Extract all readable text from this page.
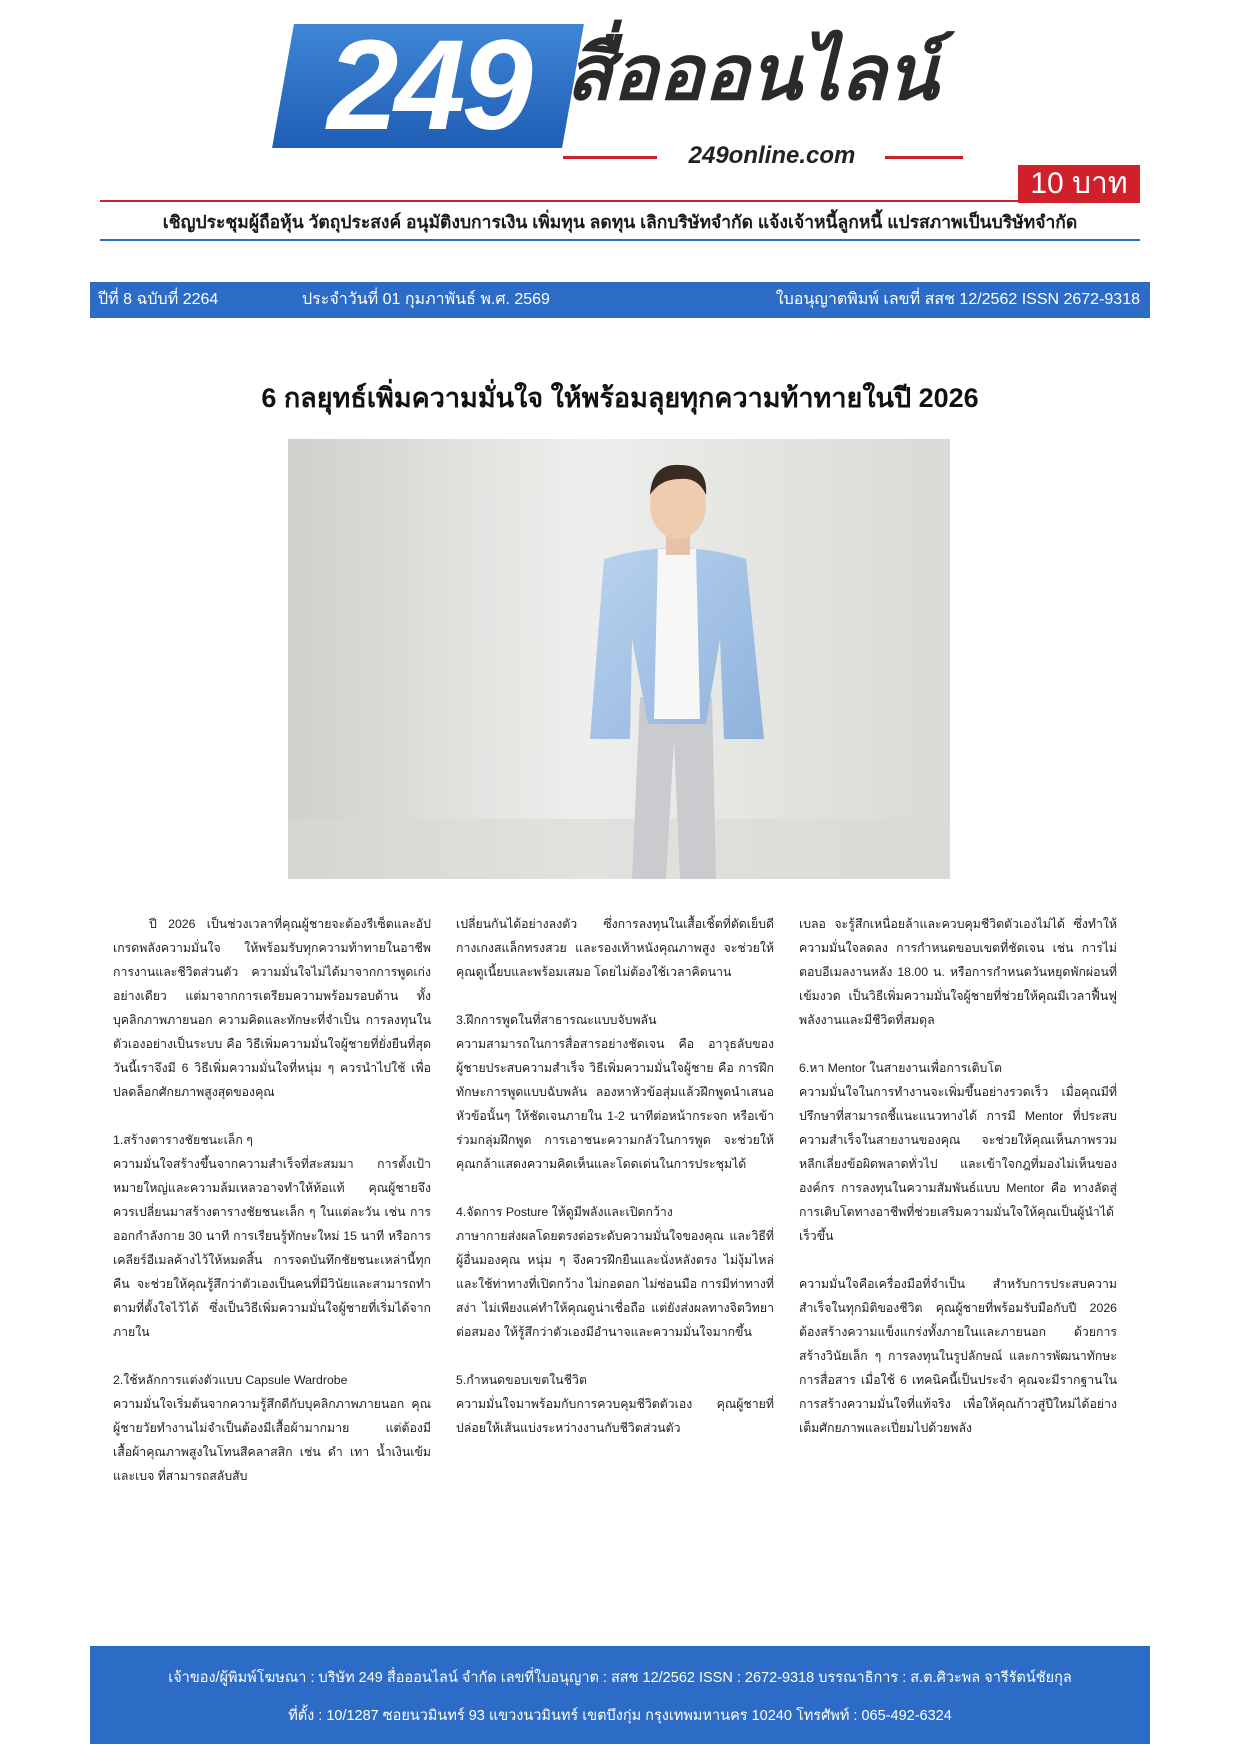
249 สื่อออนไลน์
249online.com
10 บาท
เชิญประชุมผู้ถือหุ้น วัตถุประสงค์ อนุมัติงบการเงิน เพิ่มทุน ลดทุน เลิกบริษัทจำกัด แจ้งเจ้าหนี้ลูกหนี้ แปรสภาพเป็นบริษัทจำกัด
ปีที่ 8 ฉบับที่ 2264	ประจำวันที่ 01 กุมภาพันธ์ พ.ศ. 2569	ใบอนุญาตพิมพ์ เลขที่ สสช 12/2562 ISSN 2672-9318
6 กลยุทธ์เพิ่มความมั่นใจ ให้พร้อมลุยทุกความท้าทายในปี 2026

ปี 2026 เป็นช่วงเวลาที่คุณผู้ชายจะต้องรีเซ็ตและอัปเกรดพลังความมั่นใจ ให้พร้อมรับทุกความท้าทายในอาชีพการงานและชีวิตส่วนตัว ความมั่นใจไม่ได้มาจากการพูดเก่งอย่างเดียว แต่มาจากการเตรียมความพร้อมรอบด้าน ทั้งบุคลิกภาพภายนอก ความคิดและทักษะที่จำเป็น การลงทุนในตัวเองอย่างเป็นระบบ คือ วิธีเพิ่มความมั่นใจผู้ชายที่ยั่งยืนที่สุด วันนี้เราจึงมี 6 วิธีเพิ่มความมั่นใจที่หนุ่ม ๆ ควรนำไปใช้ เพื่อปลดล็อกศักยภาพสูงสุดของคุณ

1.สร้างตารางชัยชนะเล็ก ๆ
ความมั่นใจสร้างขึ้นจากความสำเร็จที่สะสมมา การตั้งเป้าหมายใหญ่และความล้มเหลวอาจทำให้ท้อแท้ คุณผู้ชายจึงควรเปลี่ยนมาสร้างตารางชัยชนะเล็ก ๆ ในแต่ละวัน เช่น การออกกำลังกาย 30 นาที การเรียนรู้ทักษะใหม่ 15 นาที หรือการเคลียร์อีเมลค้างไว้ให้หมดสิ้น การจดบันทึกชัยชนะเหล่านี้ทุกคืน จะช่วยให้คุณรู้สึกว่าตัวเองเป็นคนที่มีวินัยและสามารถทำตามที่ตั้งใจไว้ได้ ซึ่งเป็นวิธีเพิ่มความมั่นใจผู้ชายที่เริ่มได้จากภายใน

2.ใช้หลักการแต่งตัวแบบ Capsule Wardrobe
ความมั่นใจเริ่มต้นจากความรู้สึกดีกับบุคลิกภาพภายนอก คุณผู้ชายวัยทำงานไม่จำเป็นต้องมีเสื้อผ้ามากมาย แต่ต้องมีเสื้อผ้าคุณภาพสูงในโทนสีคลาสสิก เช่น ดำ เทา น้ำเงินเข้ม และเบจ ที่สามารถสลับสับ

เปลี่ยนกันได้อย่างลงตัว ซึ่งการลงทุนในเสื้อเชิ้ตที่ตัดเย็บดี กางเกงสแล็กทรงสวย และรองเท้าหนังคุณภาพสูง จะช่วยให้คุณดูเนี้ยบและพร้อมเสมอ โดยไม่ต้องใช้เวลาคิดนาน

3.ฝึกการพูดในที่สาธารณะแบบจับพลัน
ความสามารถในการสื่อสารอย่างชัดเจน คือ อาวุธลับของผู้ชายประสบความสำเร็จ วิธีเพิ่มความมั่นใจผู้ชาย คือ การฝึกทักษะการพูดแบบฉับพลัน ลองหาหัวข้อสุ่มแล้วฝึกพูดนำเสนอหัวข้อนั้นๆ ให้ชัดเจนภายใน 1-2 นาทีต่อหน้ากระจก หรือเข้าร่วมกลุ่มฝึกพูด การเอาชนะความกลัวในการพูด จะช่วยให้คุณกล้าแสดงความคิดเห็นและโดดเด่นในการประชุมได้

4.จัดการ Posture ให้ดูมีพลังและเปิดกว้าง
ภาษากายส่งผลโดยตรงต่อระดับความมั่นใจของคุณ และวิธีที่ผู้อื่นมองคุณ หนุ่ม ๆ จึงควรฝึกยืนและนั่งหลังตรง ไม่งุ้มไหล่ และใช้ท่าทางที่เปิดกว้าง ไม่กอดอก ไม่ซ่อนมือ การมีท่าทางที่สง่า ไม่เพียงแค่ทำให้คุณดูน่าเชื่อถือ แต่ยังส่งผลทางจิตวิทยาต่อสมอง ให้รู้สึกว่าตัวเองมีอำนาจและความมั่นใจมากขึ้น

5.กำหนดขอบเขตในชีวิต
ความมั่นใจมาพร้อมกับการควบคุมชีวิตตัวเอง คุณผู้ชายที่ปล่อยให้เส้นแบ่งระหว่างงานกับชีวิตส่วนตัว

เบลอ จะรู้สึกเหนื่อยล้าและควบคุมชีวิตตัวเองไม่ได้ ซึ่งทำให้ความมั่นใจลดลง การกำหนดขอบเขตที่ชัดเจน เช่น การไม่ตอบอีเมลงานหลัง 18.00 น. หรือการกำหนดวันหยุดพักผ่อนที่เข้มงวด เป็นวิธีเพิ่มความมั่นใจผู้ชายที่ช่วยให้คุณมีเวลาฟื้นฟูพลังงานและมีชีวิตที่สมดุล

6.หา Mentor ในสายงานเพื่อการเติบโต
ความมั่นใจในการทำงานจะเพิ่มขึ้นอย่างรวดเร็ว เมื่อคุณมีที่ปรึกษาที่สามารถชี้แนะแนวทางได้ การมี Mentor ที่ประสบความสำเร็จในสายงานของคุณ จะช่วยให้คุณเห็นภาพรวม หลีกเลี่ยงข้อผิดพลาดทั่วไป และเข้าใจกฎที่มองไม่เห็นขององค์กร การลงทุนในความสัมพันธ์แบบ Mentor คือ ทางลัดสู่การเติบโตทางอาชีพที่ช่วยเสริมความมั่นใจให้คุณเป็นผู้นำได้เร็วขึ้น

ความมั่นใจคือเครื่องมือที่จำเป็น สำหรับการประสบความสำเร็จในทุกมิติของชีวิต คุณผู้ชายที่พร้อมรับมือกับปี 2026 ต้องสร้างความแข็งแกร่งทั้งภายในและภายนอก ด้วยการสร้างวินัยเล็ก ๆ การลงทุนในรูปลักษณ์ และการพัฒนาทักษะการสื่อสาร เมื่อใช้ 6 เทคนิคนี้เป็นประจำ คุณจะมีรากฐานในการสร้างความมั่นใจที่แท้จริง เพื่อให้คุณก้าวสู่ปีใหม่ได้อย่างเต็มศักยภาพและเปี่ยมไปด้วยพลัง

เจ้าของ/ผู้พิมพ์โฆษณา : บริษัท 249 สื่อออนไลน์ จำกัด เลขที่ใบอนุญาต : สสช 12/2562 ISSN : 2672-9318 บรรณาธิการ : ส.ต.ศิวะพล จารีรัตน์ชัยกุล
ที่ตั้ง : 10/1287 ซอยนวมินทร์ 93 แขวงนวมินทร์ เขตบึงกุ่ม กรุงเทพมหานคร 10240 โทรศัพท์ : 065-492-6324
